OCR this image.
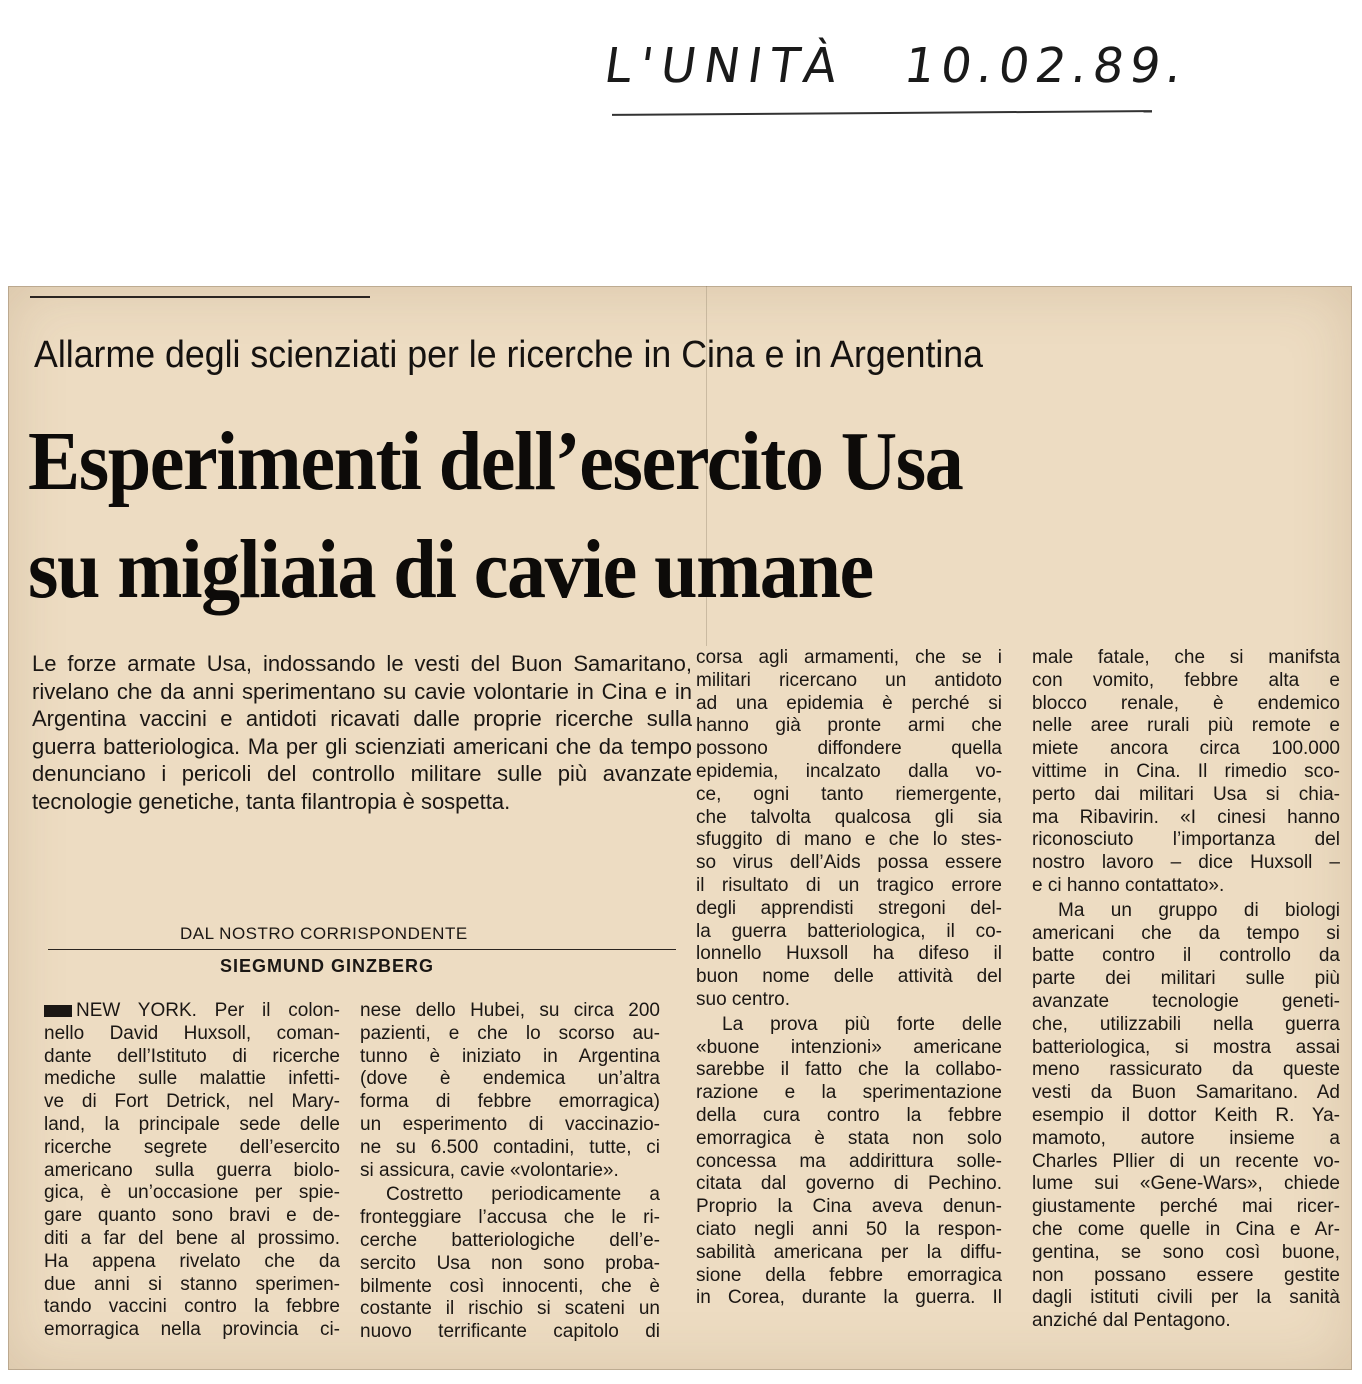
L'UNITÀ 10.02.89.
Allarme degli scienziati per le ricerche in Cina e in Argentina
Esperimenti dell’esercito Usa
su migliaia di cavie umane

Le forze armate Usa, indossando le vesti del Buon Samaritano, rivelano che da anni sperimentano su cavie volontarie in Cina e in Argentina vaccini e antidoti ricavati dalle proprie ricerche sulla guerra batteriologica. Ma per gli scienziati americani che da tempo denunciano i pericoli del controllo militare sulle più avanzate tecnologie genetiche, tanta filantropia è sospetta.

DAL NOSTRO CORRISPONDENTE
SIEGMUND GINZBERG

NEW YORK. Per il colon-
nello David Huxsoll, coman-
dante dell’Istituto di ricerche
mediche sulle malattie infetti-
ve di Fort Detrick, nel Mary-
land, la principale sede delle
ricerche segrete dell’esercito
americano sulla guerra biolo-
gica, è un’occasione per spie-
gare quanto sono bravi e de-
diti a far del bene al prossimo.
Ha appena rivelato che da
due anni si stanno sperimen-
tando vaccini contro la febbre
emorragica nella provincia ci-

nese dello Hubei, su circa 200
pazienti, e che lo scorso au-
tunno è iniziato in Argentina
(dove è endemica un’altra
forma di febbre emorragica)
un esperimento di vaccinazio-
ne su 6.500 contadini, tutte, ci
si assicura, cavie «volontarie».

Costretto periodicamente a
fronteggiare l’accusa che le ri-
cerche batteriologiche dell’e-
sercito Usa non sono proba-
bilmente così innocenti, che è
costante il rischio si scateni un
nuovo terrificante capitolo di

corsa agli armamenti, che se i
militari ricercano un antidoto
ad una epidemia è perché si
hanno già pronte armi che
possono diffondere quella
epidemia, incalzato dalla vo-
ce, ogni tanto riemergente,
che talvolta qualcosa gli sia
sfuggito di mano e che lo stes-
so virus dell’Aids possa essere
il risultato di un tragico errore
degli apprendisti stregoni del-
la guerra batteriologica, il co-
lonnello Huxsoll ha difeso il
buon nome delle attività del
suo centro.

La prova più forte delle
«buone intenzioni» americane
sarebbe il fatto che la collabo-
razione e la sperimentazione
della cura contro la febbre
emorragica è stata non solo
concessa ma addirittura solle-
citata dal governo di Pechino.
Proprio la Cina aveva denun-
ciato negli anni 50 la respon-
sabilità americana per la diffu-
sione della febbre emorragica
in Corea, durante la guerra. Il

male fatale, che si manifsta
con vomito, febbre alta e
blocco renale, è endemico
nelle aree rurali più remote e
miete ancora circa 100.000
vittime in Cina. Il rimedio sco-
perto dai militari Usa si chia-
ma Ribavirin. «I cinesi hanno
riconosciuto l’importanza del
nostro lavoro – dice Huxsoll –
e ci hanno contattato».

Ma un gruppo di biologi
americani che da tempo si
batte contro il controllo da
parte dei militari sulle più
avanzate tecnologie geneti-
che, utilizzabili nella guerra
batteriologica, si mostra assai
meno rassicurato da queste
vesti da Buon Samaritano. Ad
esempio il dottor Keith R. Ya-
mamoto, autore insieme a
Charles Pllier di un recente vo-
lume sui «Gene-Wars», chiede
giustamente perché mai ricer-
che come quelle in Cina e Ar-
gentina, se sono così buone,
non possano essere gestite
dagli istituti civili per la sanità
anziché dal Pentagono.
